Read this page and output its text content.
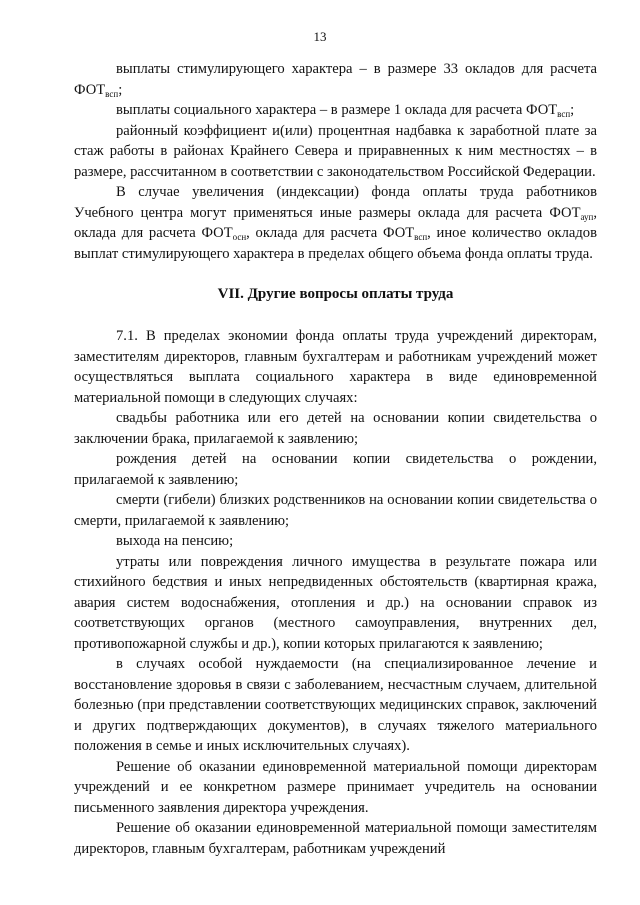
13

выплаты стимулирующего характера – в размере 33 окладов для расчета $ФОТ_{всп}$;

выплаты социального характера – в размере 1 оклада для расчета $ФОТ_{всп}$;

районный коэффициент и(или) процентная надбавка к заработной плате за стаж работы в районах Крайнего Севера и приравненных к ним местностях – в размере, рассчитанном в соответствии с законодательством Российской Федерации.

В случае увеличения (индексации) фонда оплаты труда работников Учебного центра могут применяться иные размеры оклада для расчета $ФОТ_{ауп}$, оклада для расчета $ФОТ_{осн}$, оклада для расчета $ФОТ_{всп}$, иное количество окладов выплат стимулирующего характера в пределах общего объема фонда оплаты труда.

VII. Другие вопросы оплаты труда

7.1. В пределах экономии фонда оплаты труда учреждений директорам, заместителям директоров, главным бухгалтерам и работникам учреждений может осуществляться выплата социального характера в виде единовременной материальной помощи в следующих случаях:

свадьбы работника или его детей на основании копии свидетельства о заключении брака, прилагаемой к заявлению;

рождения детей на основании копии свидетельства о рождении, прилагаемой к заявлению;

смерти (гибели) близких родственников на основании копии свидетельства о смерти, прилагаемой к заявлению;

выхода на пенсию;

утраты или повреждения личного имущества в результате пожара или стихийного бедствия и иных непредвиденных обстоятельств (квартирная кража, авария систем водоснабжения, отопления и др.) на основании справок из соответствующих органов (местного самоуправления, внутренних дел, противопожарной службы и др.), копии которых прилагаются к заявлению;

в случаях особой нуждаемости (на специализированное лечение и восстановление здоровья в связи с заболеванием, несчастным случаем, длительной болезнью (при представлении соответствующих медицинских справок, заключений и других подтверждающих документов), в случаях тяжелого материального положения в семье и иных исключительных случаях).

Решение об оказании единовременной материальной помощи директорам учреждений и ее конкретном размере принимает учредитель на основании письменного заявления директора учреждения.

Решение об оказании единовременной материальной помощи заместителям директоров, главным бухгалтерам, работникам учреждений
